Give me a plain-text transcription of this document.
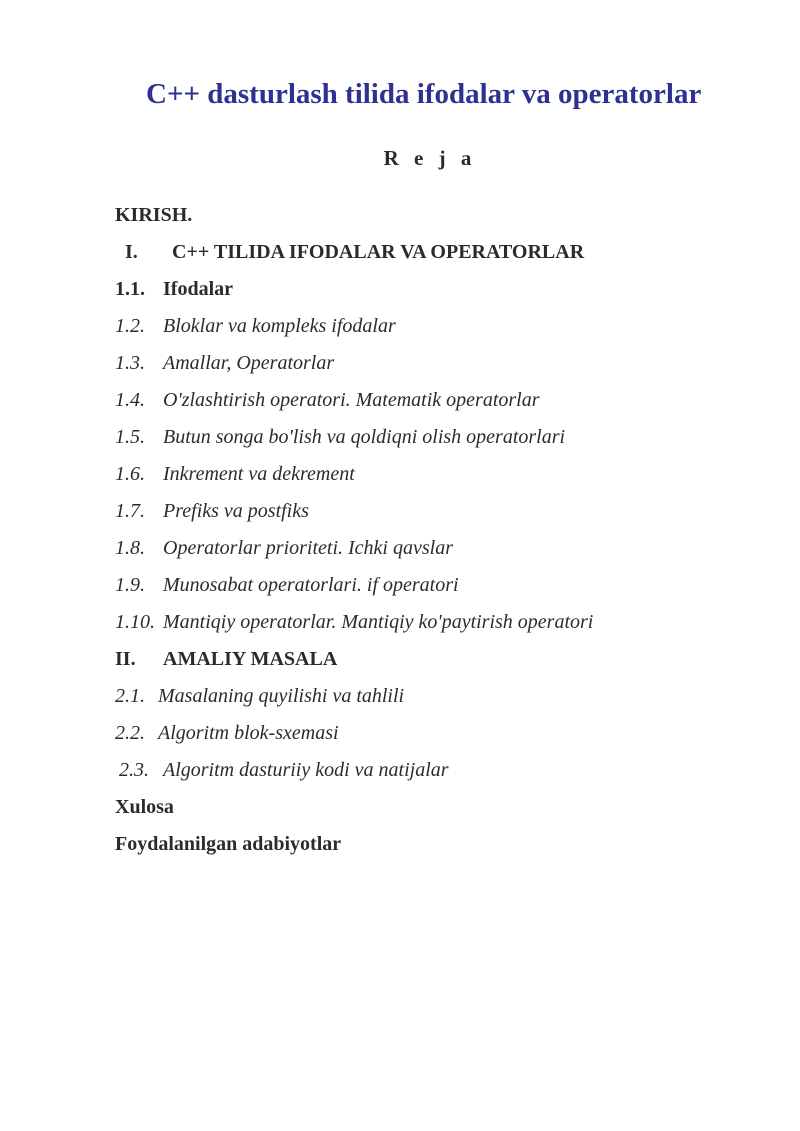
C++ dasturlash tilida ifodalar va operatorlar
R e j a
KIRISH.
I. C++ TILIDA IFODALAR VA OPERATORLAR
1.1. Ifodalar
1.2. Bloklar va kompleks ifodalar
1.3. Amallar, Operatorlar
1.4. O'zlashtirish operatori. Matematik operatorlar
1.5. Butun songa bo'lish va qoldiqni olish operatorlari
1.6. Inkrement va dekrement
1.7. Prefiks va postfiks
1.8. Operatorlar prioriteti. Ichki qavslar
1.9. Munosabat operatorlari. if operatori
1.10. Mantiqiy operatorlar. Mantiqiy ko'paytirish operatori
II. AMALIY MASALA
2.1. Masalaning quyilishi va tahlili
2.2. Algoritm blok-sxemasi
2.3. Algoritm dasturiiy kodi va natijalar
Xulosa
Foydalanilgan adabiyotlar
